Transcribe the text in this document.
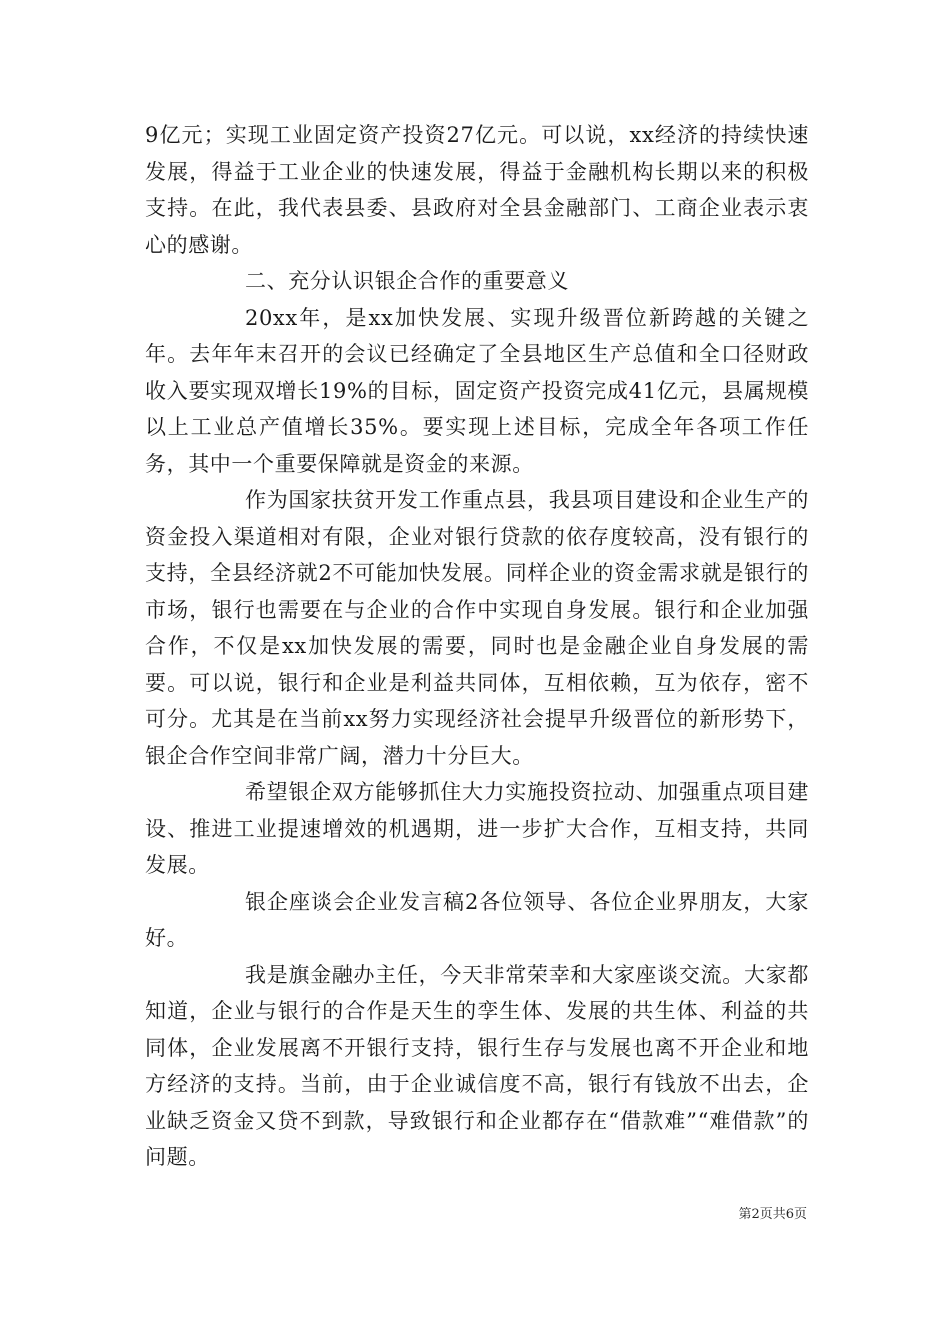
9亿元；实现工业固定资产投资27亿元。可以说，xx经济的持续快速发展，得益于工业企业的快速发展，得益于金融机构长期以来的积极支持。在此，我代表县委、县政府对全县金融部门、工商企业表示衷心的感谢。

二、充分认识银企合作的重要意义

20xx年，是xx加快发展、实现升级晋位新跨越的关键之年。去年年末召开的会议已经确定了全县地区生产总值和全口径财政收入要实现双增长19%的目标，固定资产投资完成41亿元，县属规模以上工业总产值增长35%。要实现上述目标，完成全年各项工作任务，其中一个重要保障就是资金的来源。

作为国家扶贫开发工作重点县，我县项目建设和企业生产的资金投入渠道相对有限，企业对银行贷款的依存度较高，没有银行的支持，全县经济就2不可能加快发展。同样企业的资金需求就是银行的市场，银行也需要在与企业的合作中实现自身发展。银行和企业加强合作，不仅是xx加快发展的需要，同时也是金融企业自身发展的需要。可以说，银行和企业是利益共同体，互相依赖，互为依存，密不可分。尤其是在当前xx努力实现经济社会提早升级晋位的新形势下，银企合作空间非常广阔，潜力十分巨大。

希望银企双方能够抓住大力实施投资拉动、加强重点项目建设、推进工业提速增效的机遇期，进一步扩大合作，互相支持，共同发展。

银企座谈会企业发言稿2各位领导、各位企业界朋友，大家好。

我是旗金融办主任，今天非常荣幸和大家座谈交流。大家都知道，企业与银行的合作是天生的孪生体、发展的共生体、利益的共同体，企业发展离不开银行支持，银行生存与发展也离不开企业和地方经济的支持。当前，由于企业诚信度不高，银行有钱放不出去，企业缺乏资金又贷不到款，导致银行和企业都存在“借款难”“难借款”的问题。

第2页共6页
